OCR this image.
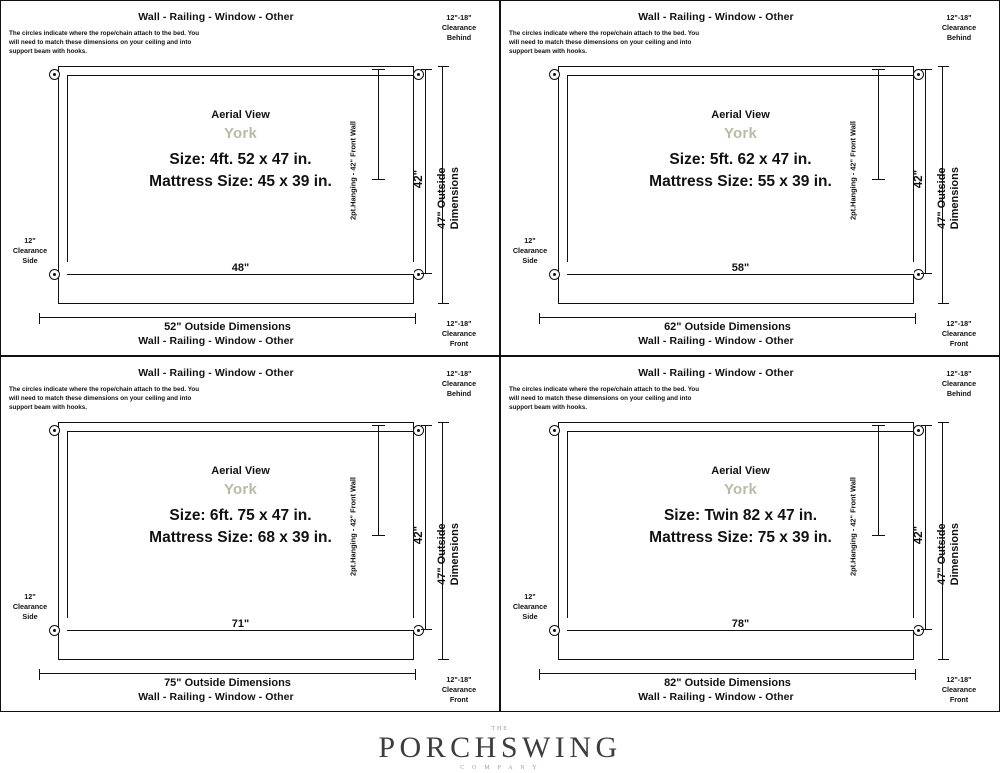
Wall - Railing - Window - Other
The circles indicate where the rope/chain attach to the bed. You will need to match these dimensions on your ceiling and into support beam with hooks.
Aerial View
York
Size: 4ft. 52 x 47 in.
Mattress Size: 45 x 39 in.	2pt.Hanging - 42" Front Wall	42" 47" Outside
Dimensions
48"
52" Outside Dimensions
12"-18"
Clearance
Behind
12"-18"
Clearance
Front
12"
Clearance
Side
Wall - Railing - Window - Other
Wall - Railing - Window - Other
The circles indicate where the rope/chain attach to the bed. You will need to match these dimensions on your ceiling and into support beam with hooks.
Aerial View
York
Size: 5ft. 62 x 47 in.
Mattress Size: 55 x 39 in.	2pt.Hanging - 42" Front Wall	42" 47" Outside
Dimensions
58"
62" Outside Dimensions
12"-18"
Clearance
Behind
12"-18"
Clearance
Front
12"
Clearance
Side
Wall - Railing - Window - Other
Wall - Railing - Window - Other
The circles indicate where the rope/chain attach to the bed. You will need to match these dimensions on your ceiling and into support beam with hooks.
Aerial View
York
Size: 6ft. 75 x 47 in.
Mattress Size: 68 x 39 in.	2pt.Hanging - 42" Front Wall	42" 47" Outside
Dimensions
71"
75" Outside Dimensions
12"-18"
Clearance
Behind
12"-18"
Clearance
Front
12"
Clearance
Side
Wall - Railing - Window - Other
Wall - Railing - Window - Other
The circles indicate where the rope/chain attach to the bed. You will need to match these dimensions on your ceiling and into support beam with hooks.
Aerial View
York
Size: Twin 82 x 47 in.
Mattress Size: 75 x 39 in.	2pt.Hanging - 42" Front Wall	42" 47" Outside
Dimensions
78"
82" Outside Dimensions
12"-18"
Clearance
Behind
12"-18"
Clearance
Front
12"
Clearance
Side
Wall - Railing - Window - Other
THE
PORCHSWING
C O M P A N Y
